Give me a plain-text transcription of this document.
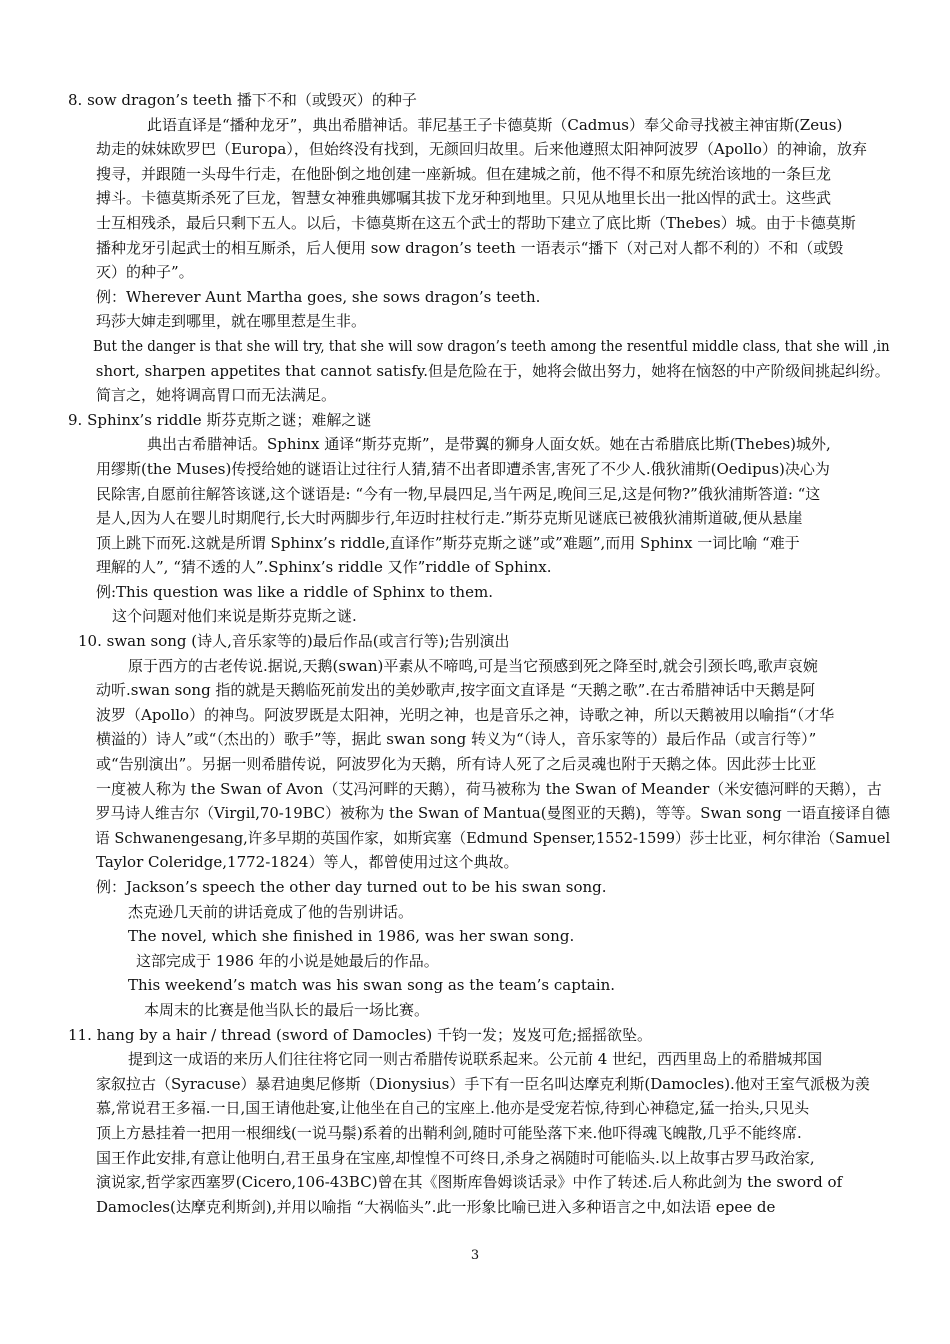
8. sow dragon’s teeth 播下不和（或毁灭）的种子
此语直译是“播种龙牙”，典出希腊神话。菲尼基王子卡德莫斯（Cadmus）奉父命寻找被主神宙斯(Zeus)
劫走的妹妹欧罗巴（Europa），但始终没有找到，无颜回归故里。后来他遵照太阳神阿波罗（Apollo）的神谕，放弃
搜寻，并跟随一头母牛行走，在他卧倒之地创建一座新城。但在建城之前，他不得不和原先统治该地的一条巨龙
搏斗。卡德莫斯杀死了巨龙，智慧女神雅典娜嘱其拔下龙牙种到地里。只见从地里长出一批凶悍的武士。这些武
士互相残杀，最后只剩下五人。以后，卡德莫斯在这五个武士的帮助下建立了底比斯（Thebes）城。由于卡德莫斯
播种龙牙引起武士的相互厮杀，后人便用 sow dragon’s teeth 一语表示“播下（对己对人都不利的）不和（或毁
灭）的种子”。
例：Wherever Aunt Martha goes, she sows dragon’s teeth.
玛莎大婶走到哪里，就在哪里惹是生非。
But the danger is that she will try, that she will sow dragon’s teeth among the resentful middle class, that she will ,in
short, sharpen appetites that cannot satisfy.但是危险在于，她将会做出努力，她将在恼怒的中产阶级间挑起纠纷。
简言之，她将调高胃口而无法满足。
9. Sphinx’s riddle 斯芬克斯之谜；难解之谜
典出古希腊神话。Sphinx 通译“斯芬克斯”，是带翼的狮身人面女妖。她在古希腊底比斯(Thebes)城外,
用缪斯(the Muses)传授给她的谜语让过往行人猜,猜不出者即遭杀害,害死了不少人.俄狄浦斯(Oedipus)决心为
民除害,自愿前往解答该谜,这个谜语是: “今有一物,早晨四足,当午两足,晚间三足,这是何物?”俄狄浦斯答道: “这
是人,因为人在婴儿时期爬行,长大时两脚步行,年迈时拄杖行走.”斯芬克斯见谜底已被俄狄浦斯道破,便从悬崖
顶上跳下而死.这就是所谓 Sphinx’s riddle,直译作”斯芬克斯之谜”或”难题”,而用 Sphinx 一词比喻 “难于
理解的人”, “猜不透的人”.Sphinx’s riddle 又作”riddle of Sphinx.
例:This question was like a riddle of Sphinx to them.
这个问题对他们来说是斯芬克斯之谜.
10. swan song (诗人,音乐家等的)最后作品(或言行等);告别演出
原于西方的古老传说.据说,天鹅(swan)平素从不啼鸣,可是当它预感到死之降至时,就会引颈长鸣,歌声哀婉
动听.swan song 指的就是天鹅临死前发出的美妙歌声,按字面文直译是 “天鹅之歌”.在古希腊神话中天鹅是阿
波罗（Apollo）的神鸟。阿波罗既是太阳神，光明之神，也是音乐之神，诗歌之神，所以天鹅被用以喻指“（才华
横溢的）诗人”或“（杰出的）歌手”等，据此 swan song 转义为“（诗人，音乐家等的）最后作品（或言行等）”
或“告别演出”。另据一则希腊传说，阿波罗化为天鹅，所有诗人死了之后灵魂也附于天鹅之体。因此莎士比亚
一度被人称为 the Swan of Avon（艾冯河畔的天鹅），荷马被称为 the Swan of Meander（米安德河畔的天鹅），古
罗马诗人维吉尔（Virgil,70-19BC）被称为 the Swan of Mantua(曼图亚的天鹅)，等等。Swan song 一语直接译自德
语 Schwanengesang,许多早期的英国作家，如斯宾塞（Edmund Spenser,1552-1599）莎士比亚，柯尔律治（Samuel
Taylor Coleridge,1772-1824）等人，都曾使用过这个典故。
例：Jackson’s speech the other day turned out to be his swan song.
杰克逊几天前的讲话竟成了他的告别讲话。
The novel, which she finished in 1986, was her swan song.
这部完成于 1986 年的小说是她最后的作品。
This weekend’s match was his swan song as the team’s captain.
本周末的比赛是他当队长的最后一场比赛。
11. hang by a hair / thread (sword of Damocles) 千钧一发；岌岌可危;摇摇欲坠。
提到这一成语的来历人们往往将它同一则古希腊传说联系起来。公元前 4 世纪，西西里岛上的希腊城邦国
家叙拉古（Syracuse）暴君迪奥尼修斯（Dionysius）手下有一臣名叫达摩克利斯(Damocles).他对王室气派极为羡
慕,常说君王多福.一日,国王请他赴宴,让他坐在自己的宝座上.他亦是受宠若惊,待到心神稳定,猛一抬头,只见头
顶上方悬挂着一把用一根细线(一说马鬃)系着的出鞘利剑,随时可能坠落下来.他吓得魂飞魄散,几乎不能终席.
国王作此安排,有意让他明白,君王虽身在宝座,却惶惶不可终日,杀身之祸随时可能临头.以上故事古罗马政治家,
演说家,哲学家西塞罗(Cicero,106-43BC)曾在其《图斯库鲁姆谈话录》中作了转述.后人称此剑为 the sword of
Damocles(达摩克利斯剑),并用以喻指 “大祸临头”.此一形象比喻已进入多种语言之中,如法语 epee de
3
